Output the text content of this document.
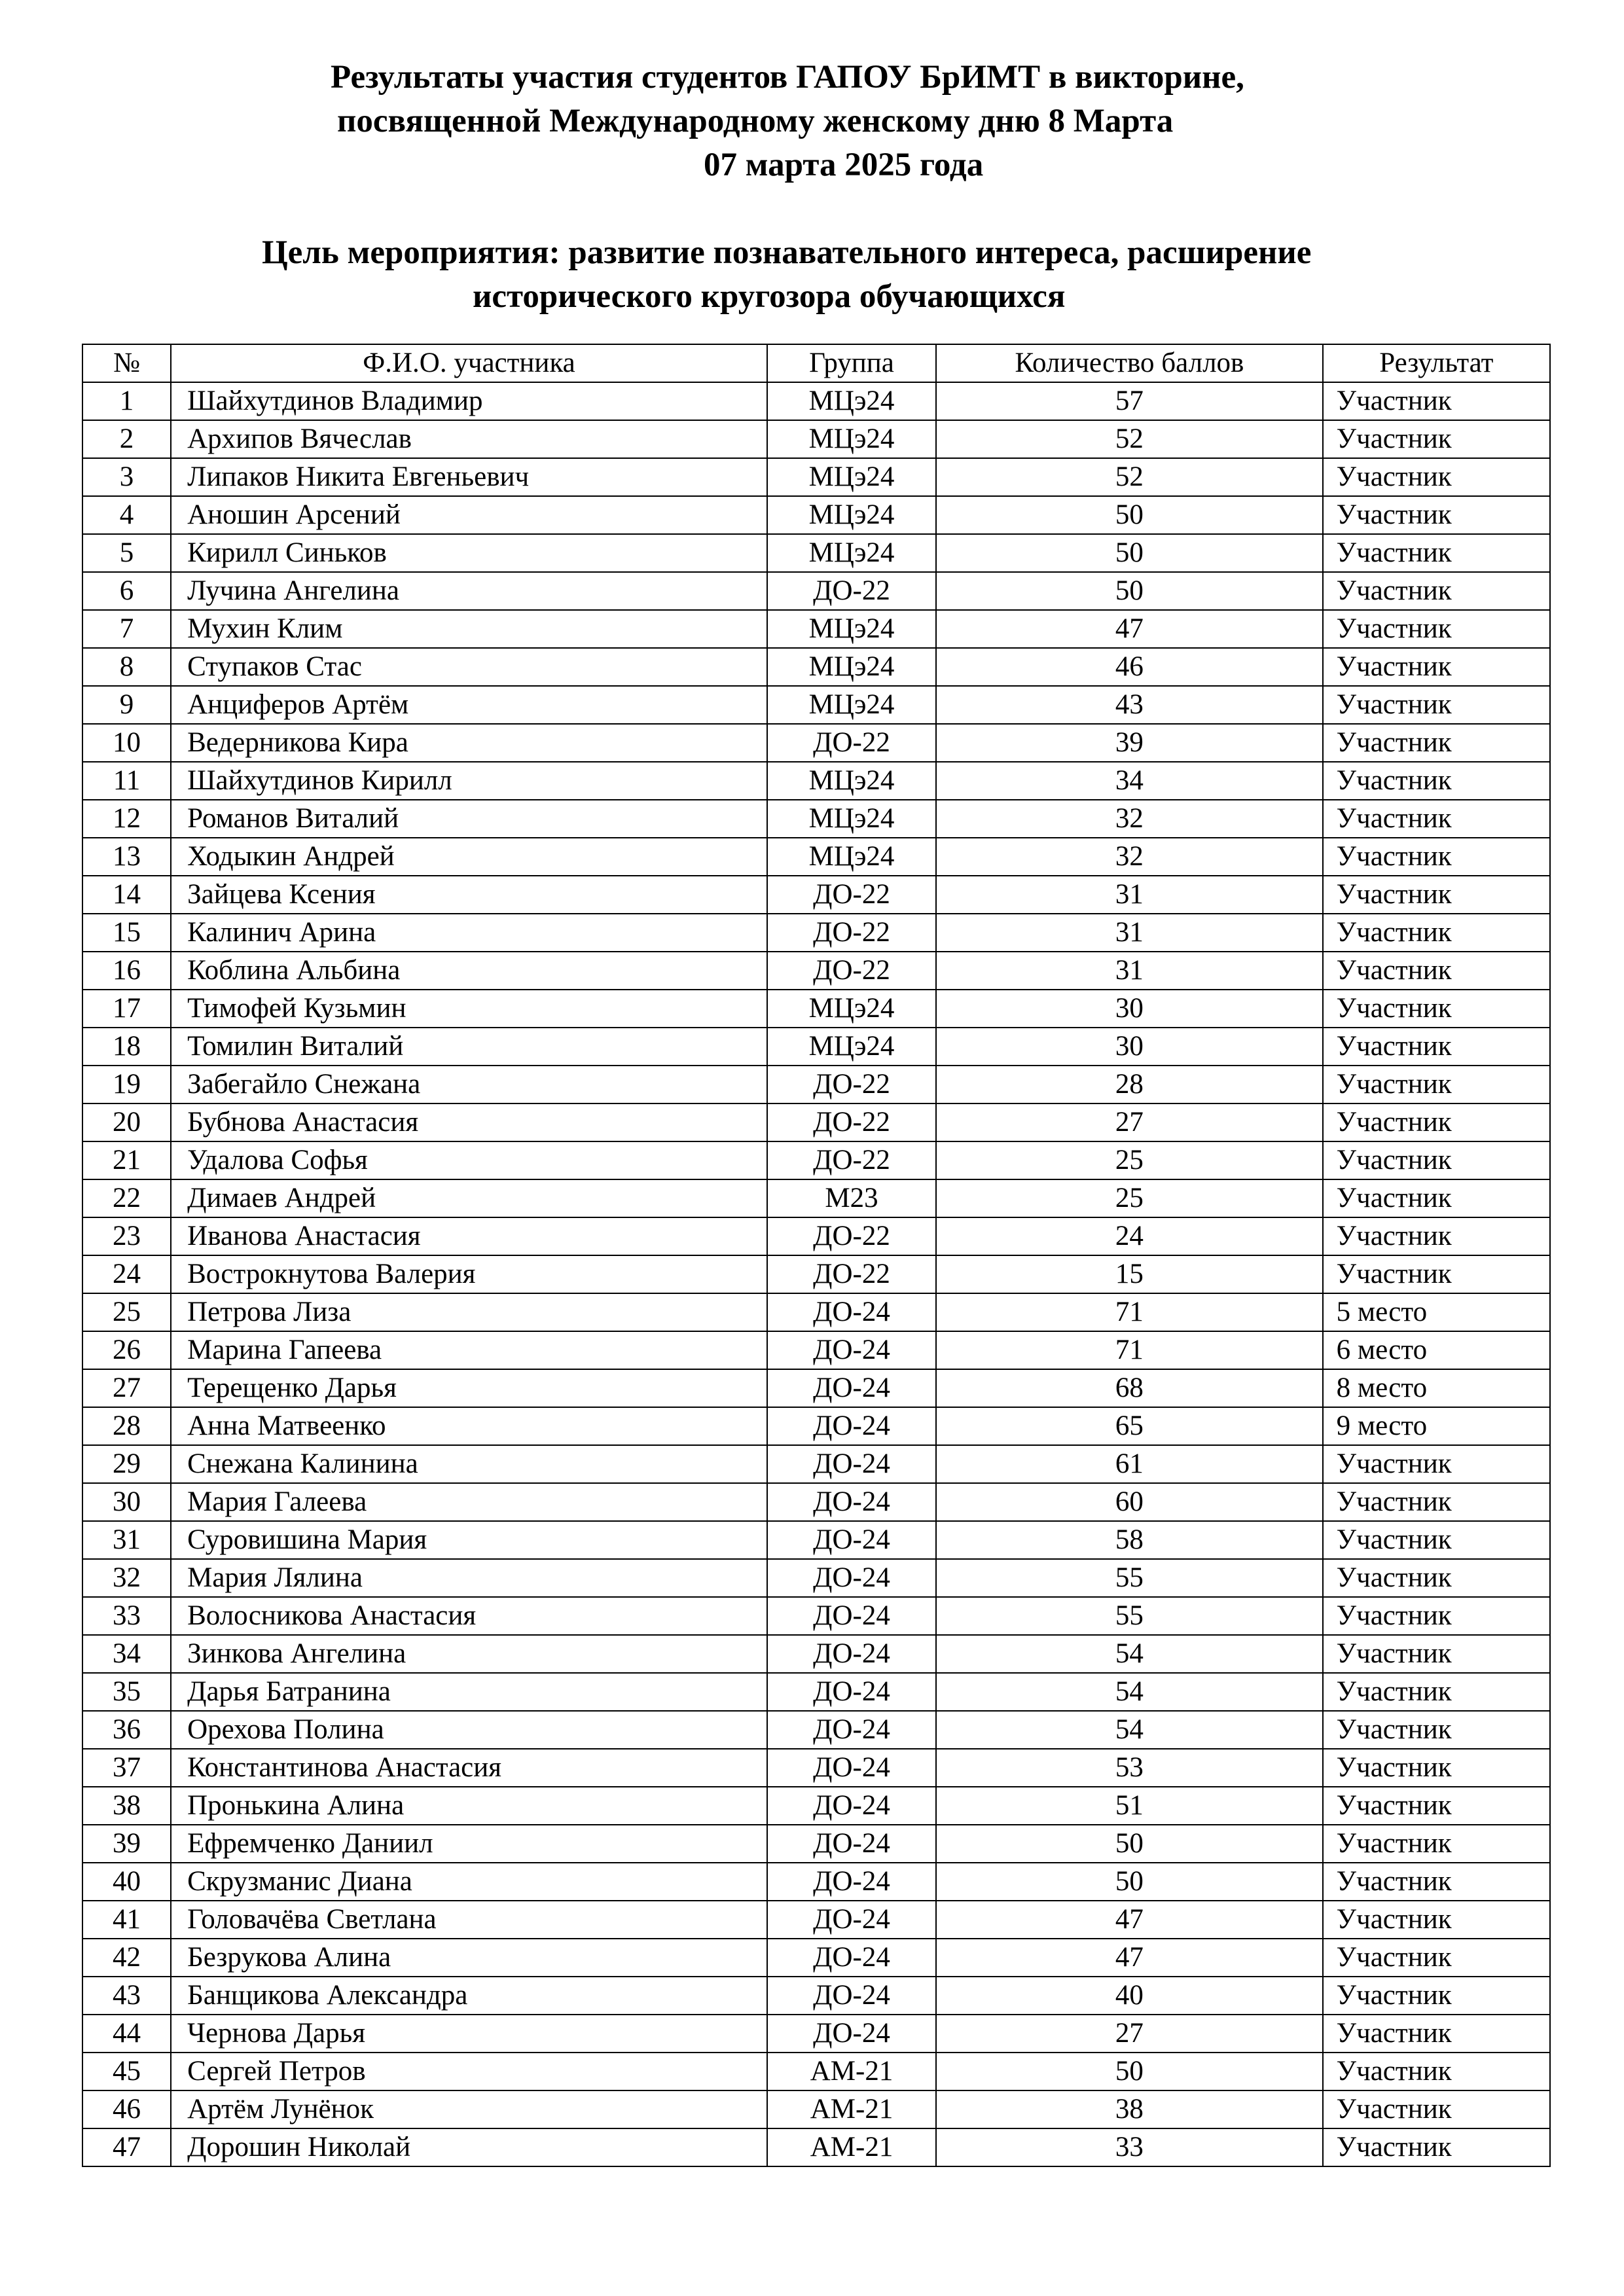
Результаты участия студентов ГАПОУ БрИМТ в викторине,
посвященной Международному женскому дню 8 Марта
07 марта 2025 года
Цель мероприятия: развитие познавательного интереса, расширение
исторического кругозора обучающихся
№	Ф.И.О. участника	Группа	Количество баллов	Результат
1	Шайхутдинов Владимир	МЦэ24	57	Участник
2	Архипов Вячеслав	МЦэ24	52	Участник
3	Липаков Никита Евгеньевич	МЦэ24	52	Участник
4	Аношин Арсений	МЦэ24	50	Участник
5	Кирилл Синьков	МЦэ24	50	Участник
6	Лучина Ангелина	ДО-22	50	Участник
7	Мухин Клим	МЦэ24	47	Участник
8	Ступаков Стас	МЦэ24	46	Участник
9	Анциферов Артём	МЦэ24	43	Участник
10	Ведерникова Кира	ДО-22	39	Участник
11	Шайхутдинов Кирилл	МЦэ24	34	Участник
12	Романов Виталий	МЦэ24	32	Участник
13	Ходыкин Андрей	МЦэ24	32	Участник
14	Зайцева Ксения	ДО-22	31	Участник
15	Калинич Арина	ДО-22	31	Участник
16	Коблина Альбина	ДО-22	31	Участник
17	Тимофей Кузьмин	МЦэ24	30	Участник
18	Томилин Виталий	МЦэ24	30	Участник
19	Забегайло Снежана	ДО-22	28	Участник
20	Бубнова Анастасия	ДО-22	27	Участник
21	Удалова Софья	ДО-22	25	Участник
22	Димаев Андрей	М23	25	Участник
23	Иванова Анастасия	ДО-22	24	Участник
24	Вострокнутова Валерия	ДО-22	15	Участник
25	Петрова Лиза	ДО-24	71	5 место
26	Марина Гапеева	ДО-24	71	6 место
27	Терещенко Дарья	ДО-24	68	8 место
28	Анна Матвеенко	ДО-24	65	9 место
29	Снежана Калинина	ДО-24	61	Участник
30	Мария Галеева	ДО-24	60	Участник
31	Суровишина Мария	ДО-24	58	Участник
32	Мария Лялина	ДО-24	55	Участник
33	Волосникова Анастасия	ДО-24	55	Участник
34	Зинкова Ангелина	ДО-24	54	Участник
35	Дарья Батранина	ДО-24	54	Участник
36	Орехова Полина	ДО-24	54	Участник
37	Константинова Анастасия	ДО-24	53	Участник
38	Пронькина Алина	ДО-24	51	Участник
39	Ефремченко Даниил	ДО-24	50	Участник
40	Скрузманис Диана	ДО-24	50	Участник
41	Головачёва Светлана	ДО-24	47	Участник
42	Безрукова Алина	ДО-24	47	Участник
43	Банщикова Александра	ДО-24	40	Участник
44	Чернова Дарья	ДО-24	27	Участник
45	Сергей Петров	АМ-21	50	Участник
46	Артём Лунёнок	АМ-21	38	Участник
47	Дорошин Николай	АМ-21	33	Участник
